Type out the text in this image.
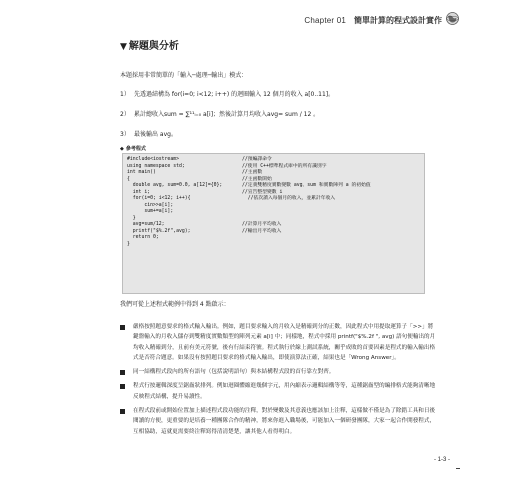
Chapter 01 簡單計算的程式設計實作
▼ 解題與分析

本題採用非常簡單的「輸入─處理─輸出」模式：

1） 先透過結構為 for(i=0; i<12; i++) 的迴圈輸入 12 個月的收入 a[0..11]。
2） 累計總收入sum = ∑¹¹ᵢ₌₀ a[i]；然後計算月均收入avg= sum / 12 。
3） 最後輸出 avg。
◆ 參考程式
#include<iostream>	//預編譯命令
using namespace std;	//使用 C++標準程式庫中的所有識別字
int main()	//主函數
{	//主函數開始
double avg, sum=0.0, a[12]={0};	//定義雙精度實數變數 avg、sum 和實數陣列 a 的初始值
int i;	//宣告整型變數 i
for(i=0; i<12; i++){	//依次讀入每個月的收入，並累計年收入
cin>>a[i];
sum+=a[i];
}
avg=sum/12;	//計算月平均收入
printf("$%.2f",avg);	//輸出月平均收入
return 0;
}

我們可從上述程式範例中得到 4 點啟示：

嚴格按照題意要求的格式輸入輸出。例如，題目要求輸入的月收入是精確到分的正數，因此程式中用提取運算子「>>」將鍵盤輸入的月收入儲存到雙精度實數類型的陣列元素 a[i] 中；同樣地，程式中採用 printf("$%.2f ", avg) 語句便輸出的月均收入精確到分，且前有美元符號，後有行結束符號。程式執行於線上測試系統，關乎成敗的首要因素是程式的輸入輸出格式是否符合題意。如果沒有按照題目要求的格式輸入輸出，即使演算法正確，結果也是「Wrong Answer」。
同一結構程式段內的所有語句（包括說明語句）與本結構程式段的首行靠左對齊。
程式行按邏輯深度呈鋸齒狀排列。例如迴圈體縮進幾個字元，用內縮表示邏輯結構等等，這種鋸齒型的編排格式能夠清晰地反映程式結構，提升易讀性。
在程式段前或開始位置加上描述程式段功能的注釋，對於變數及其意義也應該加上注釋，這樣做不僅是為了除錯工具和日後閱讀的方便，更重要的是培養一種團隊合作的精神，將來你進入職場後，可能加入一個研發團隊，大家一起合作開發程式，互相協助，這就更需要終注釋寫得清清楚楚，讓其他人看得明白。
- 1-3 -
